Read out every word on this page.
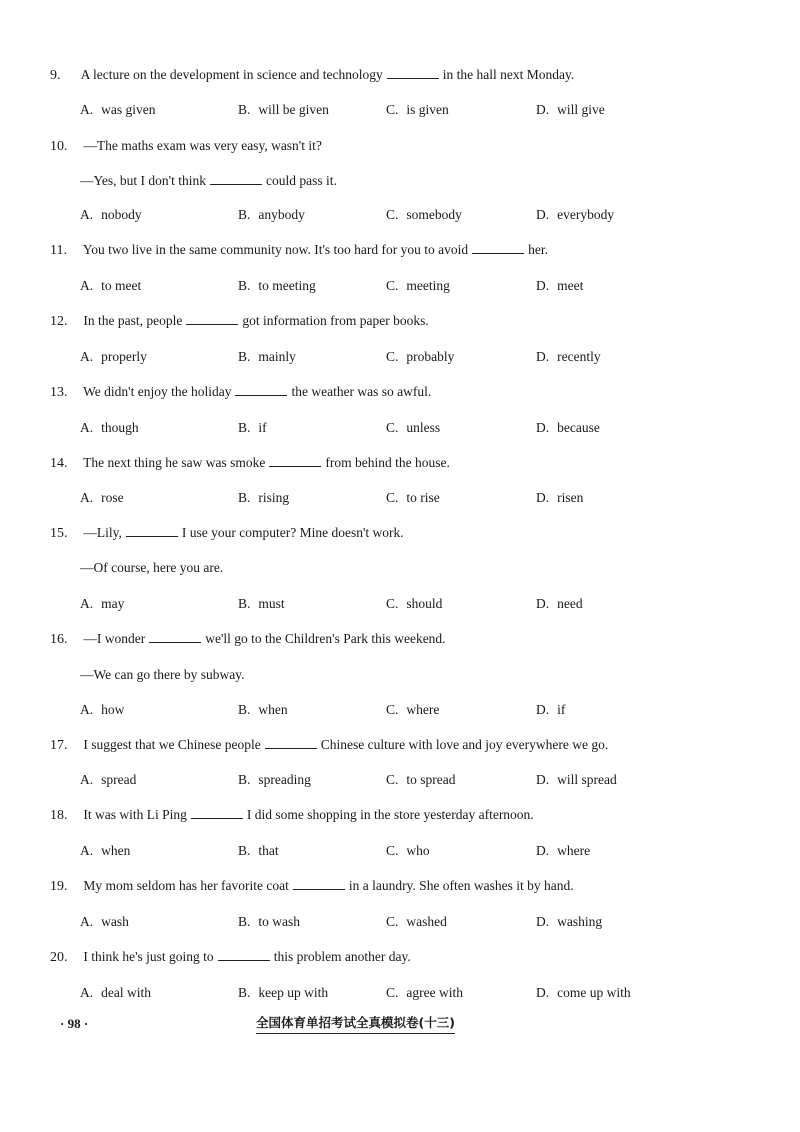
9. A lecture on the development in science and technology	in the hall next Monday.
A. was given	B. will be given	C. is given	D. will give
10. —The maths exam was very easy, wasn't it?
—Yes, but I don't think	could pass it.
A. nobody	B. anybody	C. somebody	D. everybody
11. You two live in the same community now. It's too hard for you to avoid	her.
A. to meet	B. to meeting	C. meeting	D. meet
12. In the past, people	got information from paper books.
A. properly	B. mainly	C. probably	D. recently
13. We didn't enjoy the holiday	the weather was so awful.
A. though	B. if	C. unless	D. because
14. The next thing he saw was smoke	from behind the house.
A. rose	B. rising	C. to rise	D. risen
15. —Lily,	I use your computer? Mine doesn't work.
—Of course, here you are.
A. may	B. must	C. should	D. need
16. —I wonder	we'll go to the Children's Park this weekend.
—We can go there by subway.
A. how	B. when	C. where	D. if
17. I suggest that we Chinese people	Chinese culture with love and joy everywhere we go.
A. spread	B. spreading	C. to spread	D. will spread
18. It was with Li Ping	I did some shopping in the store yesterday afternoon.
A. when	B. that	C. who	D. where
19. My mom seldom has her favorite coat	in a laundry. She often washes it by hand.
A. wash	B. to wash	C. washed	D. washing
20. I think he's just going to	this problem another day.
A. deal with	B. keep up with	C. agree with	D. come up with
· 98 ·	全国体育单招考试全真模拟卷(十三)
